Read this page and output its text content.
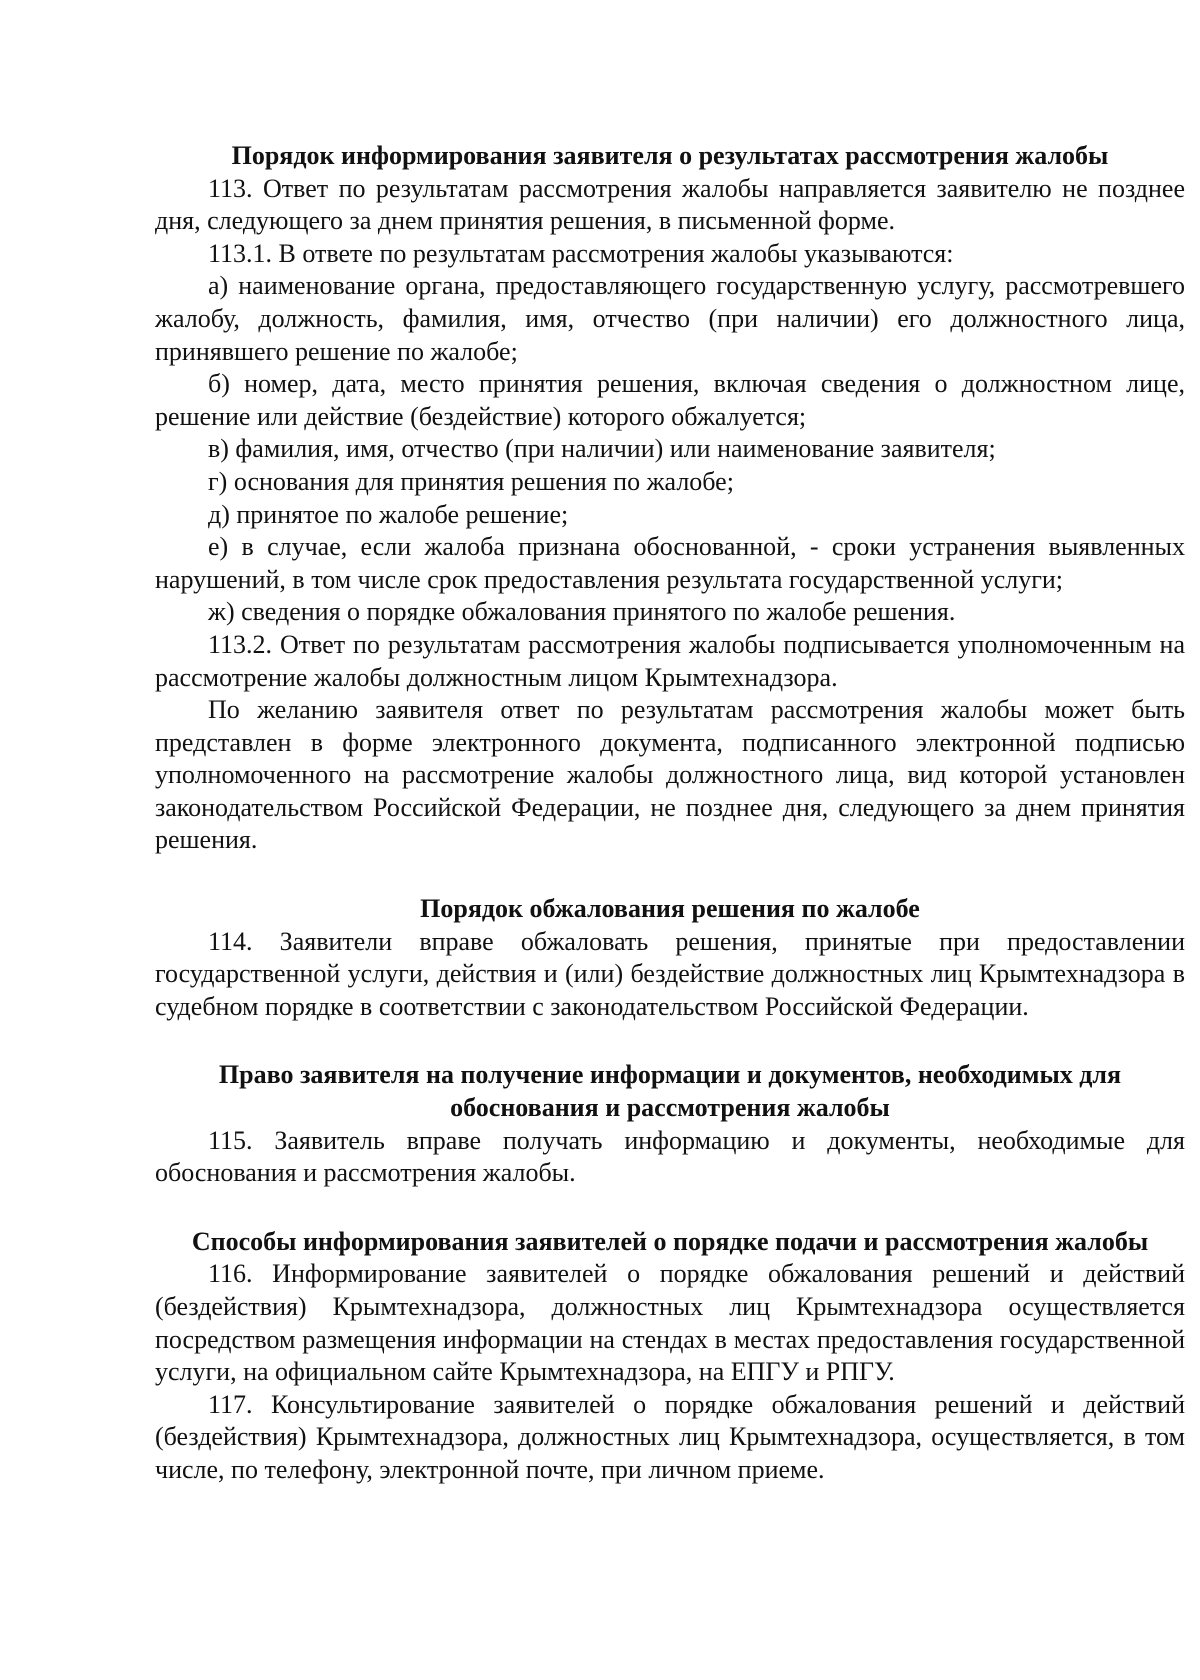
Порядок информирования заявителя о результатах рассмотрения жалобы

113. Ответ по результатам рассмотрения жалобы направляется заявителю не позднее дня, следующего за днем принятия решения, в письменной форме.

113.1. В ответе по результатам рассмотрения жалобы указываются:

а) наименование органа, предоставляющего государственную услугу, рассмотревшего жалобу, должность, фамилия, имя, отчество (при наличии) его должностного лица, принявшего решение по жалобе;

б) номер, дата, место принятия решения, включая сведения о должностном лице, решение или действие (бездействие) которого обжалуется;

в) фамилия, имя, отчество (при наличии) или наименование заявителя;

г) основания для принятия решения по жалобе;

д) принятое по жалобе решение;

е) в случае, если жалоба признана обоснованной, - сроки устранения выявленных нарушений, в том числе срок предоставления результата государственной услуги;

ж) сведения о порядке обжалования принятого по жалобе решения.

113.2. Ответ по результатам рассмотрения жалобы подписывается уполномоченным на рассмотрение жалобы должностным лицом Крымтехнадзора.

По желанию заявителя ответ по результатам рассмотрения жалобы может быть представлен в форме электронного документа, подписанного электронной подписью уполномоченного на рассмотрение жалобы должностного лица, вид которой установлен законодательством Российской Федерации, не позднее дня, следующего за днем принятия решения.

Порядок обжалования решения по жалобе

114. Заявители вправе обжаловать решения, принятые при предоставлении государственной услуги, действия и (или) бездействие должностных лиц Крымтехнадзора в судебном порядке в соответствии с законодательством Российской Федерации.

Право заявителя на получение информации и документов, необходимых для обоснования и рассмотрения жалобы

115. Заявитель вправе получать информацию и документы, необходимые для обоснования и рассмотрения жалобы.

Способы информирования заявителей о порядке подачи и рассмотрения жалобы

116. Информирование заявителей о порядке обжалования решений и действий (бездействия) Крымтехнадзора, должностных лиц Крымтехнадзора осуществляется посредством размещения информации на стендах в местах предоставления государственной услуги, на официальном сайте Крымтехнадзора, на ЕПГУ и РПГУ.

117. Консультирование заявителей о порядке обжалования решений и действий (бездействия) Крымтехнадзора, должностных лиц Крымтехнадзора, осуществляется, в том числе, по телефону, электронной почте, при личном приеме.
